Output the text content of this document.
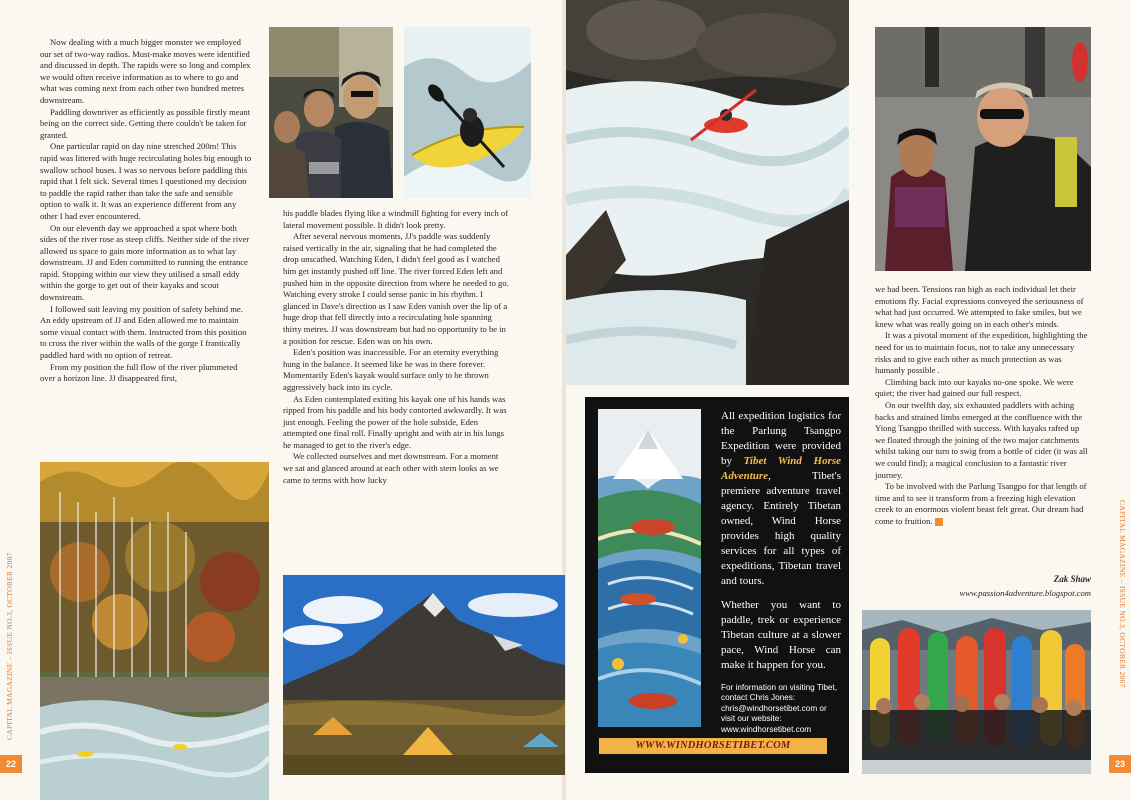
Now dealing with a much bigger monster we employed our set of two-way radios. Must-make moves were identified and discussed in depth. The rapids were so long and complex we would often receive information as to where to go and what was coming next from each other two hundred metres downstream.

Paddling downriver as efficiently as possible firstly meant being on the correct side. Getting there couldn't be taken for granted.

One particular rapid on day nine stretched 200m! This rapid was littered with huge recirculating holes big enough to swallow school buses. I was so nervous before paddling this rapid that I felt sick. Several times I questioned my decision to paddle the rapid rather than take the safe and sensible option to walk it. It was an experience different from any other I had ever encountered.

On our eleventh day we approached a spot where both sides of the river rose as steep cliffs. Neither side of the river allowed us space to gain more information as to what lay downstream. JJ and Eden committed to running the entrance rapid. Stopping within our view they utilised a small eddy within the gorge to get out of their kayaks and scout downstream.

I followed suit leaving my position of safety behind me. An eddy upstream of JJ and Eden allowed me to maintain some visual contact with them. Instructed from this position to cross the river within the walls of the gorge I frantically paddled hard with no option of retreat.

From my position the full flow of the river plummeted over a horizon line. JJ disappeared first,

his paddle blades flying like a windmill fighting for every inch of lateral movement possible. It didn't look pretty.

After several nervous moments, JJ's paddle was suddenly raised vertically in the air, signaling that he had completed the drop unscathed. Watching Eden, I didn't feel good as I watched him get instantly pushed off line. The river forced Eden left and pushed him in the opposite direction from where he needed to go. Watching every stroke I could sense panic in his rhythm. I glanced in Dave's direction as I saw Eden vanish over the lip of a huge drop that fell directly into a recirculating hole spanning thirty metres. JJ was downstream but had no opportunity to be in a position for rescue. Eden was on his own.

Eden's position was inaccessible. For an eternity everything hung in the balance. It seemed like he was in there forever. Momentarily Eden's kayak would surface only to be thrown aggressively back into its cycle.

As Eden contemplated exiting his kayak one of his hands was ripped from his paddle and his body contorted awkwardly. It was just enough. Feeling the power of the hole subside, Eden attempted one final roll. Finally upright and with air in his lungs he managed to get to the river's edge.

We collected ourselves and met downstream. For a moment we sat and glanced around at each other with stern looks as we came to terms with how lucky

22
CAPITAL MAGAZINE – ISSUE NO.3, OCTOBER 2007

we had been. Tensions ran high as each individual let their emotions fly. Facial expressions conveyed the seriousness of what had just occurred. We attempted to fake smiles, but we knew what was really going on in each other's minds.

It was a pivotal moment of the expedition, highlighting the need for us to maintain focus, not to take any unnecessary risks and to give each other as much protection as was humanly possible .

Climbing back into our kayaks no-one spoke. We were quiet; the river had gained our full respect.

On our twelfth day, six exhausted paddlers with aching backs and strained limbs emerged at the confluence with the Yiong Tsangpo thrilled with success. With kayaks rafted up we floated through the joining of the two major catchments whilst taking our turn to swig from a bottle of cider (it was all we could find); a magical conclusion to a fantastic river journey.

To be involved with the Parlung Tsangpo for that length of time and to see it transform from a freezing high elevation creek to an enormous violent beast felt great. Our dream had come to fruition.

Zak Shaw
www.passion4adventure.blogspot.com

All expedition logistics for the Parlung Tsangpo Expedition were provided by Tibet Wind Horse Adventure, Tibet's premiere adventure travel agency. Entirely Tibetan owned, Wind Horse provides high quality services for all types of expeditions, Tibetan travel and tours.

Whether you want to paddle, trek or experience Tibetan culture at a slower pace, Wind Horse can make it happen for you.

For information on visiting Tibet, contact Chris Jones: chris@windhorsetibet.com or visit our website: www.windhorsetibet.com

WWW.WINDHORSETIBET.COM
23
CAPITAL MAGAZINE – ISSUE NO.3, OCTOBER 2007
